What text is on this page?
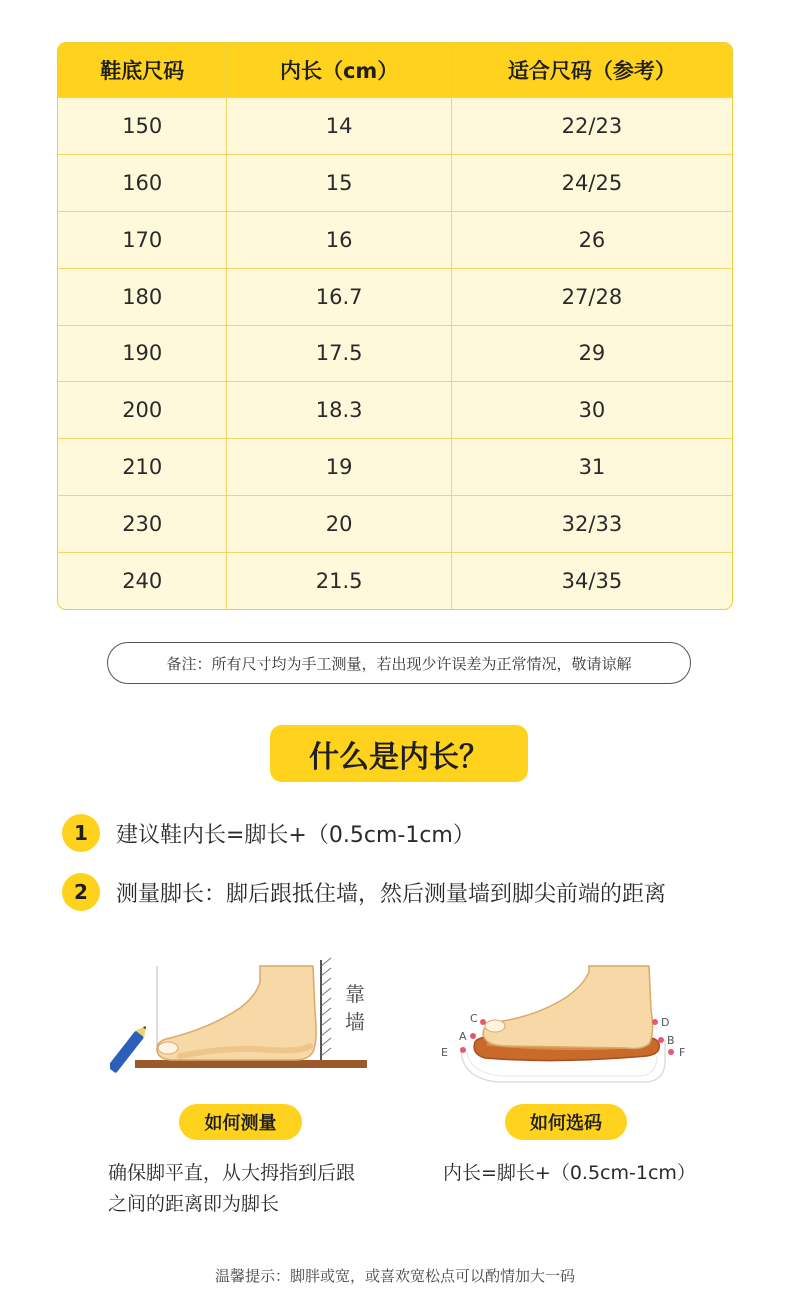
鞋底尺码	内长（cm）	适合尺码（参考）
150	14	22/23
160	15	24/25
170	16	26
180	16.7	27/28
190	17.5	29
200	18.3	30
210	19	31
230	20	32/33
240	21.5	34/35
备注：所有尺寸均为手工测量，若出现少许误差为正常情况，敬请谅解
什么是内长？
1	建议鞋内长=脚长+（0.5cm-1cm）
2	测量脚长：脚后跟抵住墙，然后测量墙到脚尖前端的距离
靠墙
A	B
C	D
E	F
如何测量	如何选码
确保脚平直，从大拇指到后跟
之间的距离即为脚长
内长=脚长+（0.5cm-1cm）
温馨提示：脚胖或宽，或喜欢宽松点可以酌情加大一码
